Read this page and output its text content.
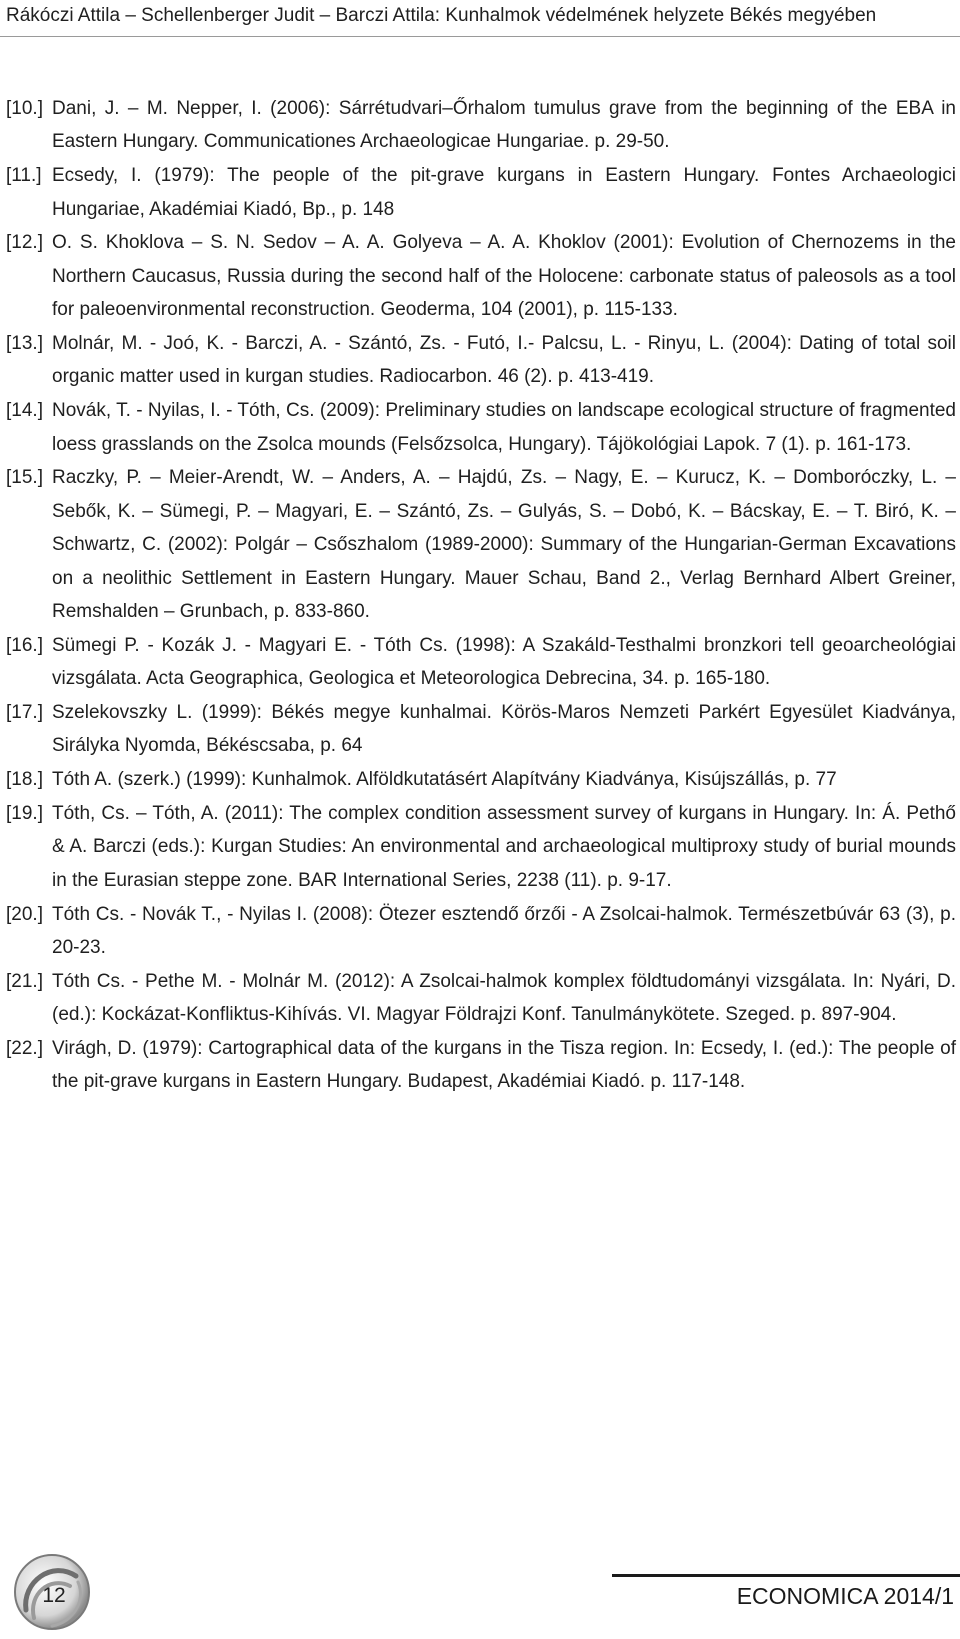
Rákóczi Attila – Schellenberger Judit – Barczi Attila: Kunhalmok védelmének helyzete Békés megyében
[10.] Dani, J. – M. Nepper, I. (2006): Sárrétudvari–Őrhalom tumulus grave from the beginning of the EBA in Eastern Hungary. Communicationes Archaeologicae Hungariae. p. 29-50.
[11.] Ecsedy, I. (1979): The people of the pit-grave kurgans in Eastern Hungary. Fontes Archaeologici Hungariae, Akadémiai Kiadó, Bp., p. 148
[12.] O. S. Khoklova – S. N. Sedov – A. A. Golyeva – A. A. Khoklov (2001): Evolution of Chernozems in the Northern Caucasus, Russia during the second half of the Holocene: carbonate status of paleosols as a tool for paleoenvironmental reconstruction. Geoderma, 104 (2001), p. 115-133.
[13.] Molnár, M. - Joó, K. - Barczi, A. - Szántó, Zs. - Futó, I.- Palcsu, L. - Rinyu, L. (2004): Dating of total soil organic matter used in kurgan studies. Radiocarbon. 46 (2). p. 413-419.
[14.] Novák, T. - Nyilas, I. - Tóth, Cs. (2009): Preliminary studies on landscape ecological structure of fragmented loess grasslands on the Zsolca mounds (Felsőzsolca, Hungary). Tájökológiai Lapok. 7 (1). p. 161-173.
[15.] Raczky, P. – Meier-Arendt, W. – Anders, A. – Hajdú, Zs. – Nagy, E. – Kurucz, K. – Domboróczky, L. – Sebők, K. – Sümegi, P. – Magyari, E. – Szántó, Zs. – Gulyás, S. – Dobó, K. – Bácskay, E. – T. Biró, K. – Schwartz, C. (2002): Polgár – Csőszhalom (1989-2000): Summary of the Hungarian-German Excavations on a neolithic Settlement in Eastern Hungary. Mauer Schau, Band 2., Verlag Bernhard Albert Greiner, Remshalden – Grunbach, p. 833-860.
[16.] Sümegi P. - Kozák J. - Magyari E. - Tóth Cs. (1998): A Szakáld-Testhalmi bronzkori tell geoarcheológiai vizsgálata. Acta Geographica, Geologica et Meteorologica Debrecina, 34. p. 165-180.
[17.] Szelekovszky L. (1999): Békés megye kunhalmai. Körös-Maros Nemzeti Parkért Egyesület Kiadványa, Sirályka Nyomda, Békéscsaba, p. 64
[18.] Tóth A. (szerk.) (1999): Kunhalmok. Alföldkutatásért Alapítvány Kiadványa, Kisújszállás, p. 77
[19.] Tóth, Cs. – Tóth, A. (2011): The complex condition assessment survey of kurgans in Hungary. In: Á. Pethő & A. Barczi (eds.): Kurgan Studies: An environmental and archaeological multiproxy study of burial mounds in the Eurasian steppe zone. BAR International Series, 2238 (11). p. 9-17.
[20.] Tóth Cs. - Novák T., - Nyilas I. (2008): Ötezer esztendő őrzői - A Zsolcai-halmok. Természetbúvár 63 (3), p. 20-23.
[21.] Tóth Cs. - Pethe M. - Molnár M. (2012): A Zsolcai-halmok komplex földtudományi vizsgálata. In: Nyári, D. (ed.): Kockázat-Konfliktus-Kihívás. VI. Magyar Földrajzi Konf. Tanulmánykötete. Szeged. p. 897-904.
[22.] Virágh, D. (1979): Cartographical data of the kurgans in the Tisza region. In: Ecsedy, I. (ed.): The people of the pit-grave kurgans in Eastern Hungary. Budapest, Akadémiai Kiadó. p. 117-148.
12	ECONOMICA 2014/1
